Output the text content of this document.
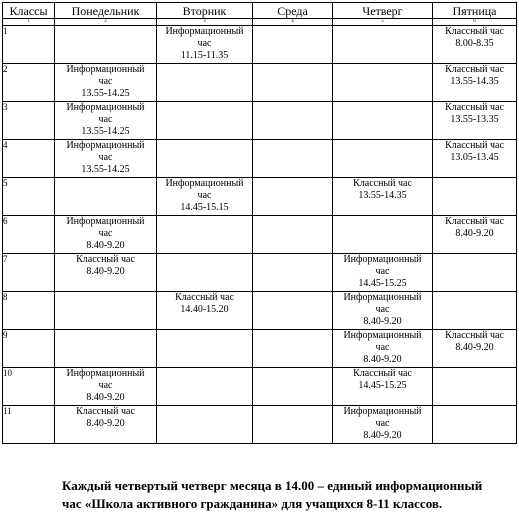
Классы	Понедельник	Вторник	Среда	Четверг	Пятница
1	2	3	4	5	6
1		Информационный
час
11.15-11.35			Классный час
8.00-8.35

2	Информационный
час
13.55-14.25				Классный час
13.55-14.35

3	Информационный
час
13.55-14.25				Классный час
13.55-13.35

4	Информационный
час
13.55-14.25				Классный час
13.05-13.45

5		Информационный
час
14.45-15.15		Классный час
13.55-14.35	

6	Информационный
час
8.40-9.20				Классный час
8.40-9.20

7	Классный час
8.40-9.20			Информационный
час
14.45-15.25	

8		Классный час
14.40-15.20		Информационный
час
8.40-9.20	

9				Информационный
час
8.40-9.20	Классный час
8.40-9.20

10	Информационный
час
8.40-9.20			Классный час
14.45-15.25	

11	Классный час
8.40-9.20			Информационный
час
8.40-9.20	

Каждый четвертый четверг месяца в 14.00 – единый информационный
час «Школа активного гражданина» для учащихся 8-11 классов.
